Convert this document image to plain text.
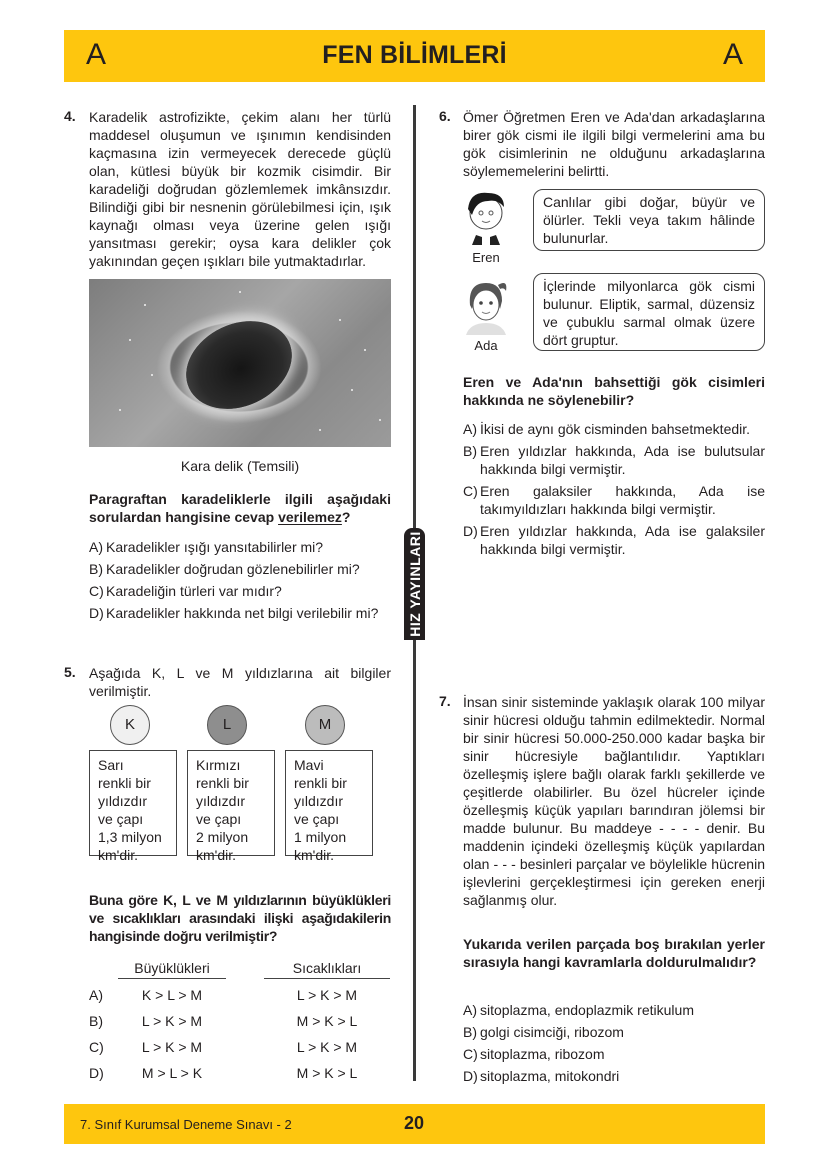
A	FEN BİLİMLERİ	A
HIZ YAYINLARI
4. Karadelik astrofizikte, çekim alanı her türlü maddesel oluşumun ve ışınımın kendisinden kaçmasına izin vermeyecek derecede güçlü olan, kütlesi büyük bir kozmik cisimdir. Bir karadeliği doğrudan gözlemlemek imkânsızdır. Bilindiği gibi bir nesnenin görülebilmesi için, ışık kaynağı olması veya üzerine gelen ışığı yansıtması gerekir; oysa kara delikler çok yakınından geçen ışıkları bile yutmaktadırlar.
Kara delik (Temsili)
Paragraftan karadeliklerle ilgili aşağıdaki sorulardan hangisine cevap verilemez?
A) Karadelikler ışığı yansıtabilirler mi?
B) Karadelikler doğrudan gözlenebilirler mi?
C) Karadeliğin türleri var mıdır?
D) Karadelikler hakkında net bilgi verilebilir mi?
5. Aşağıda K, L ve M yıldızlarına ait bilgiler verilmiştir.
K	L	M
Sarı
renkli bir
yıldızdır
ve çapı
1,3 milyon
km'dir.
Kırmızı
renkli bir
yıldızdır
ve çapı
2 milyon
km'dir.
Mavi
renkli bir
yıldızdır
ve çapı
1 milyon
km'dir.
Buna göre K, L ve M yıldızlarının büyüklükleri ve sıcaklıkları arasındaki ilişki aşağıdakilerin hangisinde doğru verilmiştir?
Büyüklükleri	Sıcaklıkları
A)	K > L > M	L > K > M
B)	L > K > M	M > K > L
C)	L > K > M	L > K > M
D)	M > L > K	M > K > L
6. Ömer Öğretmen Eren ve Ada'dan arkadaşlarına birer gök cismi ile ilgili bilgi vermelerini ama bu gök cisimlerinin ne olduğunu arkadaşlarına söylememelerini belirtti.
Eren
Canlılar gibi doğar, büyür ve ölürler. Tekli veya takım hâlinde bulunurlar.
Ada
İçlerinde milyonlarca gök cismi bulunur. Eliptik, sarmal, düzensiz ve çubuklu sarmal olmak üzere dört gruptur.
Eren ve Ada'nın bahsettiği gök cisimleri hakkında ne söylenebilir?
A) İkisi de aynı gök cisminden bahsetmektedir.
B) Eren yıldızlar hakkında, Ada ise bulutsular hakkında bilgi vermiştir.
C) Eren galaksiler hakkında, Ada ise takımyıldızları hakkında bilgi vermiştir.
D) Eren yıldızlar hakkında, Ada ise galaksiler hakkında bilgi vermiştir.
7. İnsan sinir sisteminde yaklaşık olarak 100 milyar sinir hücresi olduğu tahmin edilmektedir. Normal bir sinir hücresi 50.000-250.000 kadar başka bir sinir hücresiyle bağlantılıdır. Yaptıkları özelleşmiş işlere bağlı olarak farklı şekillerde ve çeşitlerde olabilirler. Bu özel hücreler içinde özelleşmiş küçük yapıları barındıran jölemsi bir madde bulunur. Bu maddeye - - - - denir. Bu maddenin içindeki özelleşmiş küçük yapılardan olan - - - besinleri parçalar ve böylelikle hücrenin işlevlerini gerçekleştirmesi için gereken enerji sağlanmış olur.
Yukarıda verilen parçada boş bırakılan yerler sırasıyla hangi kavramlarla doldurulmalıdır?
A) sitoplazma, endoplazmik retikulum
B) golgi cisimciği, ribozom
C) sitoplazma, ribozom
D) sitoplazma, mitokondri
7. Sınıf Kurumsal Deneme Sınavı - 2	20
